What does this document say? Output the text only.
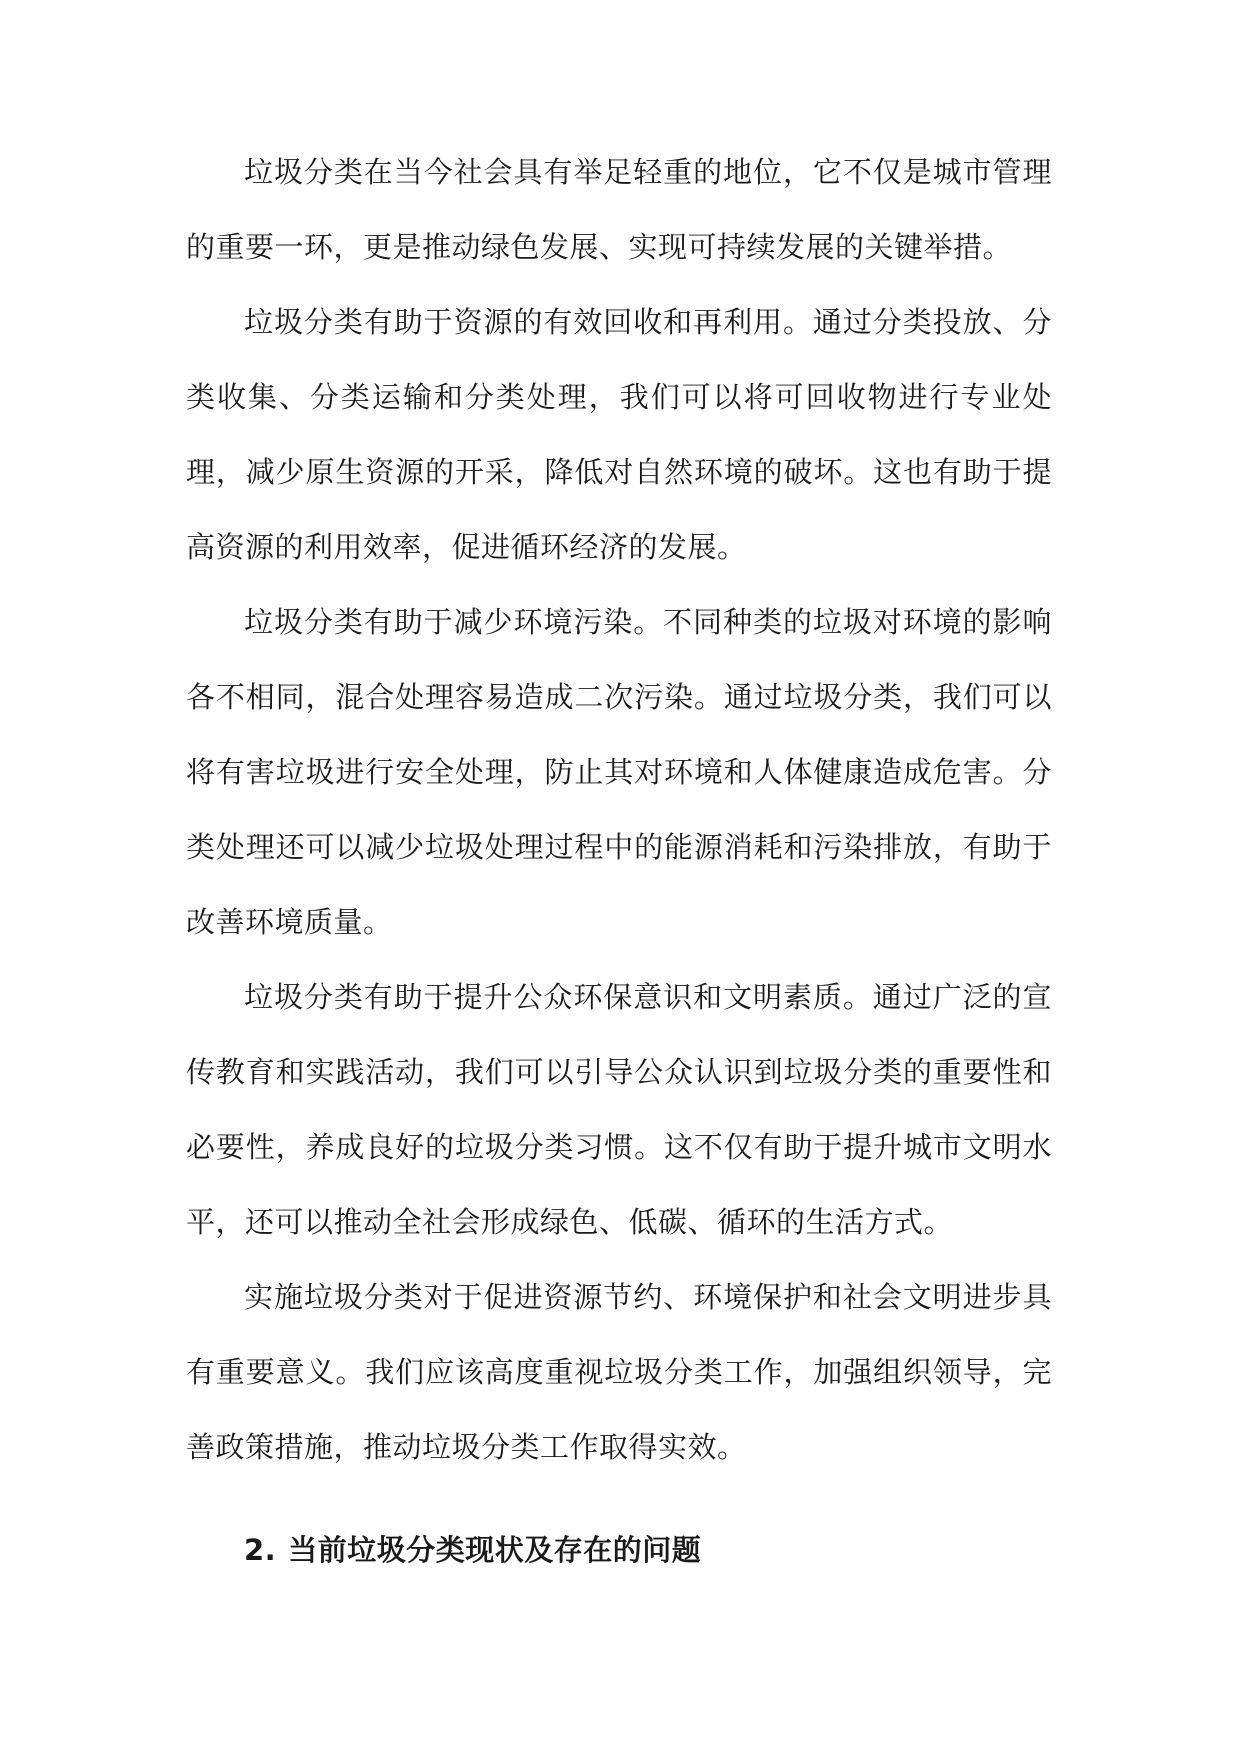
垃圾分类在当今社会具有举足轻重的地位，它不仅是城市管理的重要一环，更是推动绿色发展、实现可持续发展的关键举措。

垃圾分类有助于资源的有效回收和再利用。通过分类投放、分类收集、分类运输和分类处理，我们可以将可回收物进行专业处理，减少原生资源的开采，降低对自然环境的破坏。这也有助于提高资源的利用效率，促进循环经济的发展。

垃圾分类有助于减少环境污染。不同种类的垃圾对环境的影响各不相同，混合处理容易造成二次污染。通过垃圾分类，我们可以将有害垃圾进行安全处理，防止其对环境和人体健康造成危害。分类处理还可以减少垃圾处理过程中的能源消耗和污染排放，有助于改善环境质量。

垃圾分类有助于提升公众环保意识和文明素质。通过广泛的宣传教育和实践活动，我们可以引导公众认识到垃圾分类的重要性和必要性，养成良好的垃圾分类习惯。这不仅有助于提升城市文明水平，还可以推动全社会形成绿色、低碳、循环的生活方式。

实施垃圾分类对于促进资源节约、环境保护和社会文明进步具有重要意义。我们应该高度重视垃圾分类工作，加强组织领导，完善政策措施，推动垃圾分类工作取得实效。

2. 当前垃圾分类现状及存在的问题
